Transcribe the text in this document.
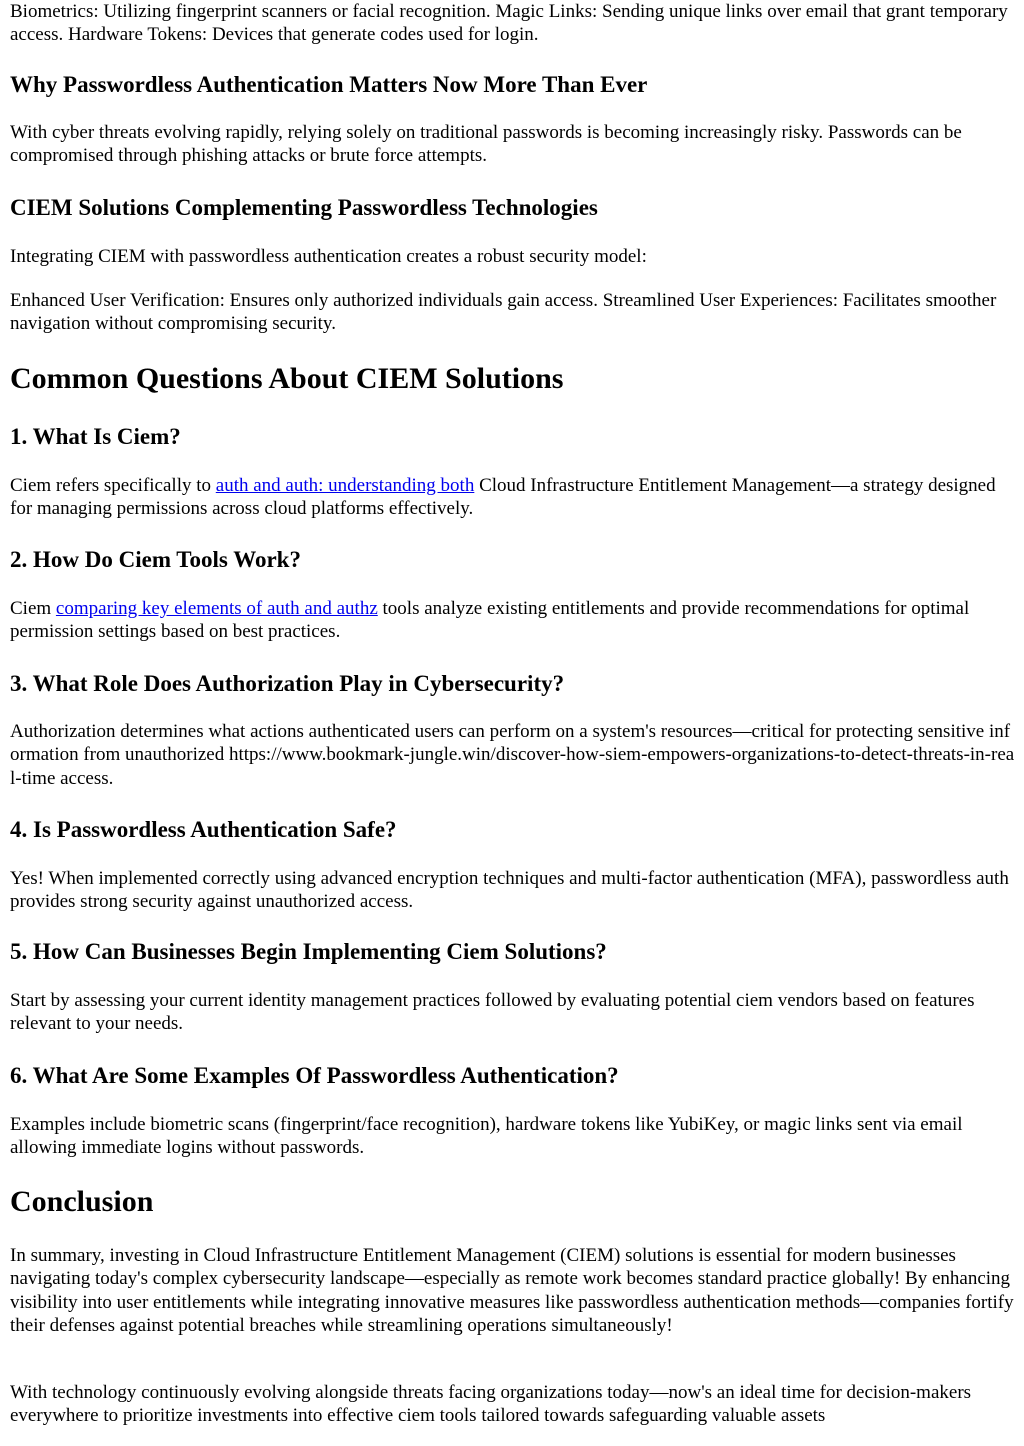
Biometrics: Utilizing fingerprint scanners or facial recognition. Magic Links: Sending unique links over email that grant temporary access. Hardware Tokens: Devices that generate codes used for login.

Why Passwordless Authentication Matters Now More Than Ever

With cyber threats evolving rapidly, relying solely on traditional passwords is becoming increasingly risky. Passwords can be compromised through phishing attacks or brute force attempts.

CIEM Solutions Complementing Passwordless Technologies

Integrating CIEM with passwordless authentication creates a robust security model:

Enhanced User Verification: Ensures only authorized individuals gain access. Streamlined User Experiences: Facilitates smoother navigation without compromising security.

Common Questions About CIEM Solutions
1. What Is Ciem?

Ciem refers specifically to auth and auth: understanding both Cloud Infrastructure Entitlement Management—a strategy designed for managing permissions across cloud platforms effectively.

2. How Do Ciem Tools Work?

Ciem comparing key elements of auth and authz tools analyze existing entitlements and provide recommendations for optimal permission settings based on best practices.

3. What Role Does Authorization Play in Cybersecurity?

Authorization determines what actions authenticated users can perform on a system's resources—critical for protecting sensitive information from unauthorized https://www.bookmark-jungle.win/discover-how-siem-empowers-organizations-to-detect-threats-in-real-time access.

4. Is Passwordless Authentication Safe?

Yes! When implemented correctly using advanced encryption techniques and multi-factor authentication (MFA), passwordless auth provides strong security against unauthorized access.

5. How Can Businesses Begin Implementing Ciem Solutions?

Start by assessing your current identity management practices followed by evaluating potential ciem vendors based on features relevant to your needs.

6. What Are Some Examples Of Passwordless Authentication?

Examples include biometric scans (fingerprint/face recognition), hardware tokens like YubiKey, or magic links sent via email allowing immediate logins without passwords.

Conclusion

In summary, investing in Cloud Infrastructure Entitlement Management (CIEM) solutions is essential for modern businesses navigating today's complex cybersecurity landscape—especially as remote work becomes standard practice globally! By enhancing visibility into user entitlements while integrating innovative measures like passwordless authentication methods—companies fortify their defenses against potential breaches while streamlining operations simultaneously!

With technology continuously evolving alongside threats facing organizations today—now's an ideal time for decision-makers everywhere to prioritize investments into effective ciem tools tailored towards safeguarding valuable assets
